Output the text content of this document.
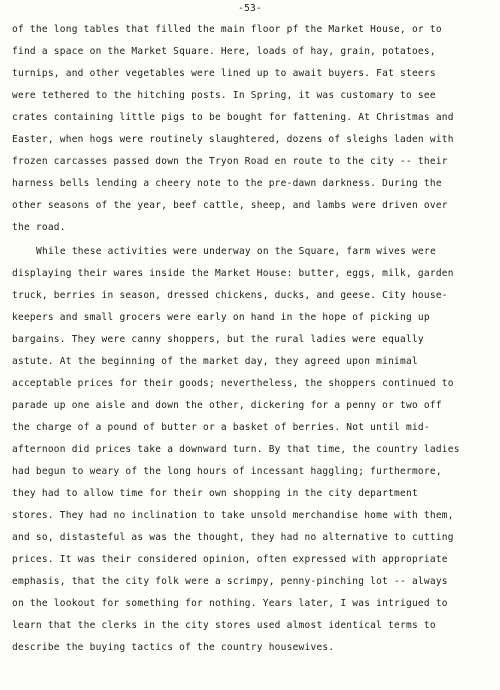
-53-
of the long tables that filled the main floor pf the Market House, or to
find a space on the Market Square. Here, loads of hay, grain, potatoes,
turnips, and other vegetables were lined up to await buyers. Fat steers
were tethered to the hitching posts. In Spring, it was customary to see
crates containing little pigs to be bought for fattening. At Christmas and
Easter, when hogs were routinely slaughtered, dozens of sleighs laden with
frozen carcasses passed down the Tryon Road en route to the city -- their
harness bells lending a cheery note to the pre-dawn darkness. During the
other seasons of the year, beef cattle, sheep, and lambs were driven over
the road.
While these activities were underway on the Square, farm wives were
displaying their wares inside the Market House: butter, eggs, milk, garden
truck, berries in season, dressed chickens, ducks, and geese. City house-
keepers and small grocers were early on hand in the hope of picking up
bargains. They were canny shoppers, but the rural ladies were equally
astute. At the beginning of the market day, they agreed upon minimal
acceptable prices for their goods; nevertheless, the shoppers continued to
parade up one aisle and down the other, dickering for a penny or two off
the charge of a pound of butter or a basket of berries. Not until mid-
afternoon did prices take a downward turn. By that time, the country ladies
had begun to weary of the long hours of incessant haggling; furthermore,
they had to allow time for their own shopping in the city department
stores. They had no inclination to take unsold merchandise home with them,
and so, distasteful as was the thought, they had no alternative to cutting
prices. It was their considered opinion, often expressed with appropriate
emphasis, that the city folk were a scrimpy, penny-pinching lot -- always
on the lookout for something for nothing. Years later, I was intrigued to
learn that the clerks in the city stores used almost identical terms to
describe the buying tactics of the country housewives.
